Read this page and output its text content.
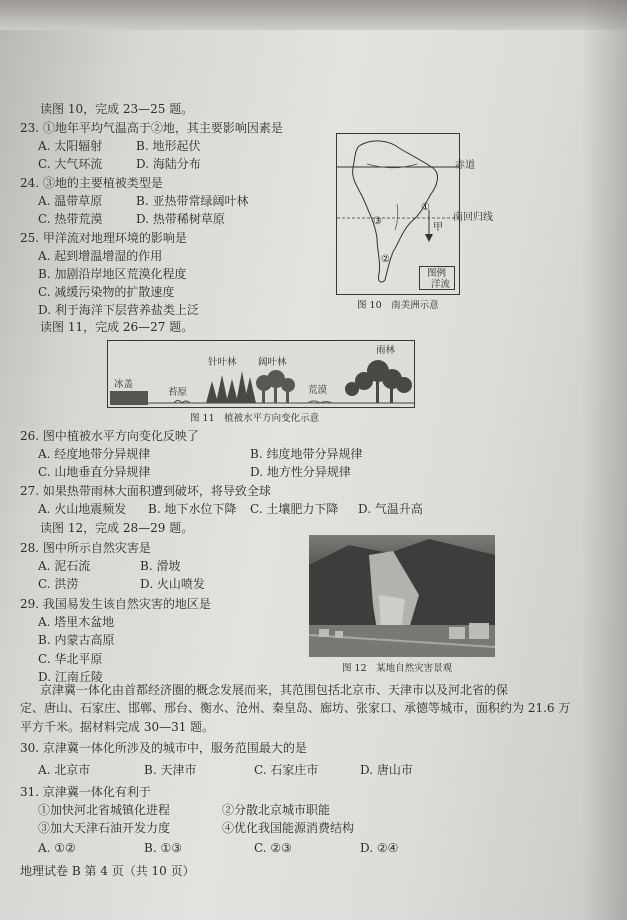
读图 10，完成 23—25 题。
23. ①地年平均气温高于②地，其主要影响因素是
A. 太阳辐射	B. 地形起伏
C. 大气环流	D. 海陆分布
24. ③地的主要植被类型是
A. 温带草原	B. 亚热带常绿阔叶林
C. 热带荒漠	D. 热带稀树草原
25. 甲洋流对地理环境的影响是
A. 起到增温增湿的作用
B. 加剧沿岸地区荒漠化程度
C. 减缓污染物的扩散速度
D. 利于海洋下层营养盐类上泛
赤道
南回归线
甲
①
②
③
图例
洋流
图 10　南美洲示意
读图 11，完成 26—27 题。
冰盖
苔原
针叶林 阔叶林
荒漠
雨林
图 11　植被水平方向变化示意
26. 图中植被水平方向变化反映了
A. 经度地带分异规律	B. 纬度地带分异规律
C. 山地垂直分异规律	D. 地方性分异规律
27. 如果热带雨林大面积遭到破坏，将导致全球
A. 火山地震频发 B. 地下水位下降 C. 土壤肥力下降 D. 气温升高
读图 12，完成 28—29 题。
28. 图中所示自然灾害是
A. 泥石流	B. 滑坡
C. 洪涝	D. 火山喷发
29. 我国易发生该自然灾害的地区是
A. 塔里木盆地
B. 内蒙古高原
C. 华北平原
D. 江南丘陵
图 12　某地自然灾害景观
京津冀一体化由首都经济圈的概念发展而来，其范围包括北京市、天津市以及河北省的保
定、唐山、石家庄、邯郸、邢台、衡水、沧州、秦皇岛、廊坊、张家口、承德等城市，面积约为 21.6 万
平方千米。据材料完成 30—31 题。
30. 京津冀一体化所涉及的城市中，服务范围最大的是
A. 北京市	B. 天津市	C. 石家庄市	D. 唐山市
31. 京津冀一体化有利于
①加快河北省城镇化进程	②分散北京城市职能
③加大天津石油开发力度	④优化我国能源消费结构
A. ①②	B. ①③	C. ②③	D. ②④
地理试卷 B 第 4 页（共 10 页）
